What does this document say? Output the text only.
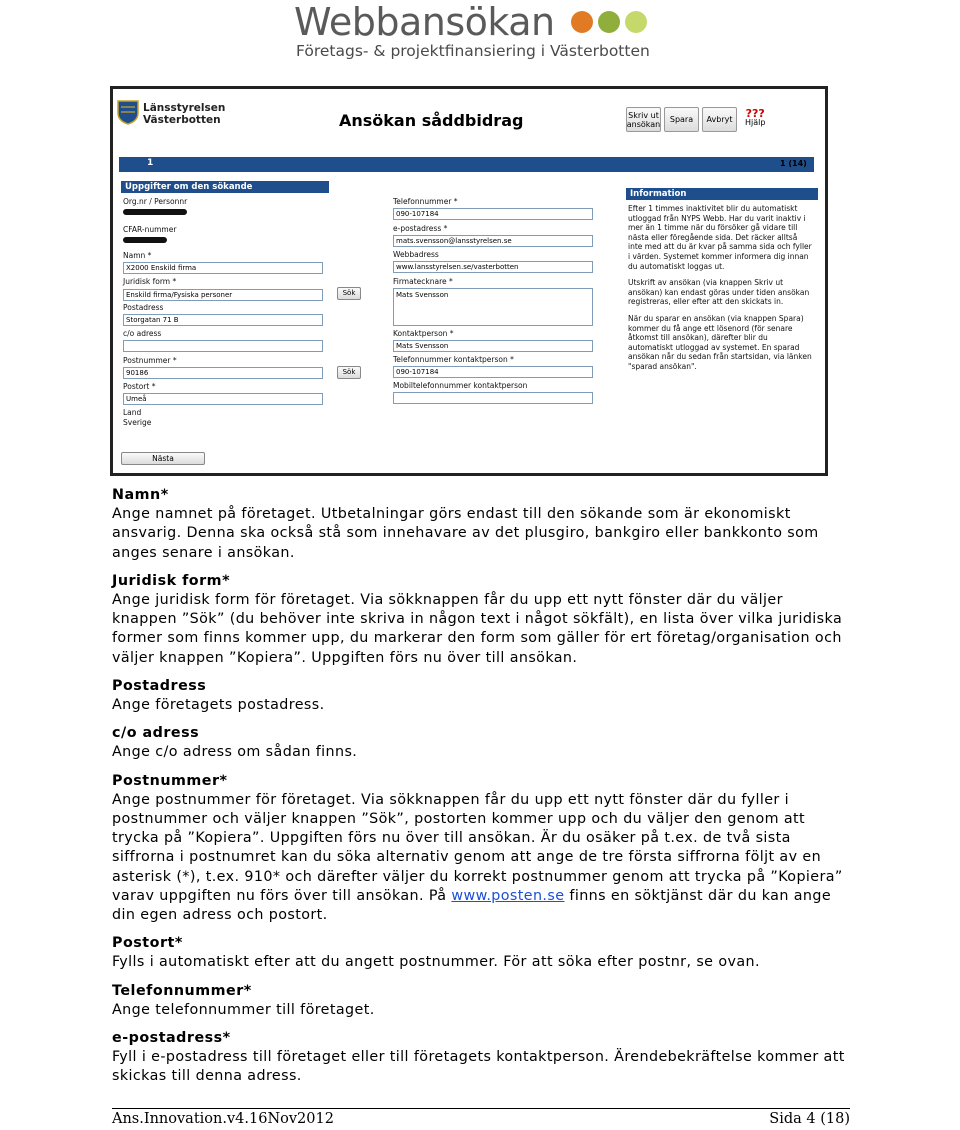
Webbansökan
Företags- & projektfinansiering i Västerbotten
Länsstyrelsen
Västerbotten	Ansökan såddbidrag	Skriv ut
ansökan	Spara	Avbryt	???
Hjälp
1	1 (14)
Uppgifter om den sökande
Information
Org.nr / Personnr
CFAR-nummer
Namn *
X2000 Enskild firma
Juridisk form *
Enskild firma/Fysiska personer	Sök
Postadress
Storgatan 71 B
c/o adress
Postnummer *
90186	Sök
Postort *
Umeå
Land
Sverige
Telefonnummer *
090-107184
e-postadress *
mats.svensson@lansstyrelsen.se
Webbadress
www.lansstyrelsen.se/vasterbotten
Firmatecknare *
Mats Svensson
Kontaktperson *
Mats Svensson
Telefonnummer kontaktperson *
090-107184
Mobiltelefonnummer kontaktperson

Efter 1 timmes inaktivitet blir du automatiskt utloggad från NYPS Webb. Har du varit inaktiv i mer än 1 timme när du försöker gå vidare till nästa eller föregående sida. Det räcker alltså inte med att du är kvar på samma sida och fyller i värden. Systemet kommer informera dig innan du automatiskt loggas ut.

Utskrift av ansökan (via knappen Skriv ut ansökan) kan endast göras under tiden ansökan registreras, eller efter att den skickats in.

När du sparar en ansökan (via knappen Spara) kommer du få ange ett lösenord (för senare åtkomst till ansökan), därefter blir du automatiskt utloggad av systemet. En sparad ansökan når du sedan från startsidan, via länken "sparad ansökan".

Nästa
Namn*

Ange namnet på företaget. Utbetalningar görs endast till den sökande som är ekonomiskt ansvarig. Denna ska också stå som innehavare av det plusgiro, bankgiro eller bankkonto som anges senare i ansökan.

Juridisk form*

Ange juridisk form för företaget. Via sökknappen får du upp ett nytt fönster där du väljer knappen ”Sök” (du behöver inte skriva in någon text i något sökfält), en lista över vilka juridiska former som finns kommer upp, du markerar den form som gäller för ert företag/organisation och väljer knappen ”Kopiera”. Uppgiften förs nu över till ansökan.

Postadress

Ange företagets postadress.

c/o adress

Ange c/o adress om sådan finns.

Postnummer*

Ange postnummer för företaget. Via sökknappen får du upp ett nytt fönster där du fyller i postnummer och väljer knappen ”Sök”, postorten kommer upp och du väljer den genom att trycka på ”Kopiera”. Uppgiften förs nu över till ansökan. Är du osäker på t.ex. de två sista siffrorna i postnumret kan du söka alternativ genom att ange de tre första siffrorna följt av en asterisk (*), t.ex. 910* och därefter väljer du korrekt postnummer genom att trycka på ”Kopiera” varav uppgiften nu förs över till ansökan. På www.posten.se finns en söktjänst där du kan ange din egen adress och postort.

Postort*

Fylls i automatiskt efter att du angett postnummer. För att söka efter postnr, se ovan.

Telefonnummer*

Ange telefonnummer till företaget.

e-postadress*

Fyll i e-postadress till företaget eller till företagets kontaktperson. Ärendebekräftelse kommer att skickas till denna adress.

Ans.Innovation.v4.16Nov2012	Sida 4 (18)
